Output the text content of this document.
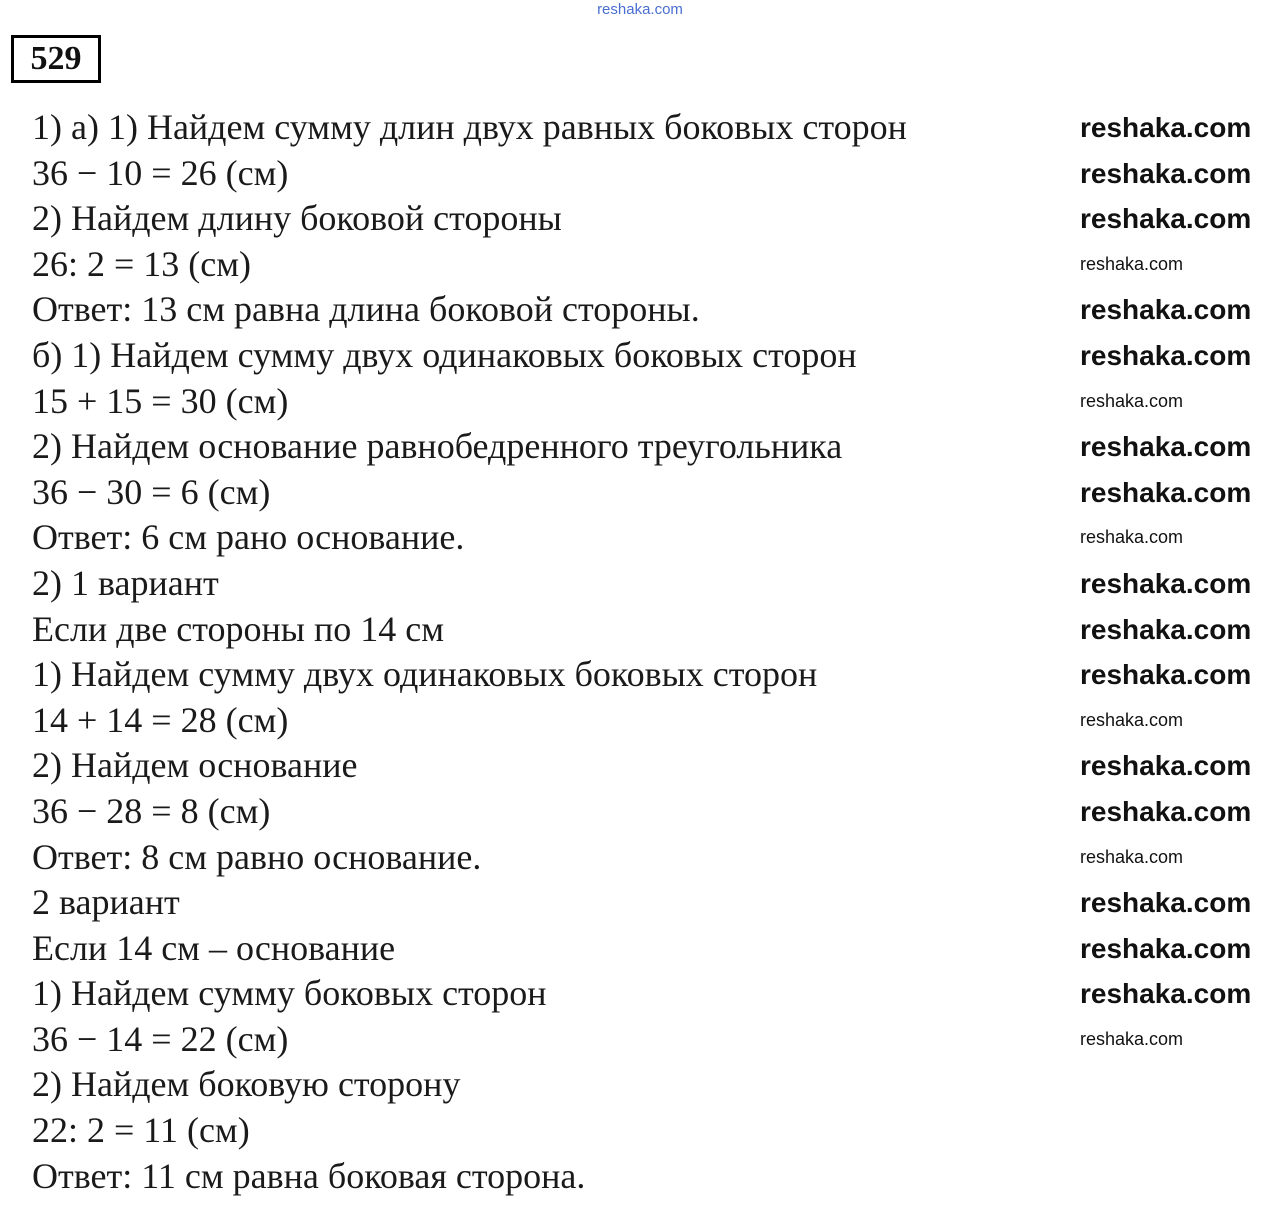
reshaka.com
529
1) а) 1) Найдем сумму длин двух равных боковых сторон
36 − 10 = 26 (см)
2) Найдем длину боковой стороны
26: 2 = 13 (см)
Ответ: 13 см равна длина боковой стороны.
б) 1) Найдем сумму двух одинаковых боковых сторон
15 + 15 = 30 (см)
2) Найдем основание равнобедренного треугольника
36 − 30 = 6 (см)
Ответ: 6 см рано основание.
2) 1 вариант
Если две стороны по 14 см
1) Найдем сумму двух одинаковых боковых сторон
14 + 14 = 28 (см)
2) Найдем основание
36 − 28 = 8 (см)
Ответ: 8 см равно основание.
2 вариант
Если 14 см – основание
1) Найдем сумму боковых сторон
36 − 14 = 22 (см)
2) Найдем боковую сторону
22: 2 = 11 (см)
Ответ: 11 см равна боковая сторона.
reshaka.com
reshaka.com
reshaka.com
reshaka.com
reshaka.com
reshaka.com
reshaka.com
reshaka.com
reshaka.com
reshaka.com
reshaka.com
reshaka.com
reshaka.com
reshaka.com
reshaka.com
reshaka.com
reshaka.com
reshaka.com
reshaka.com
reshaka.com
reshaka.com
